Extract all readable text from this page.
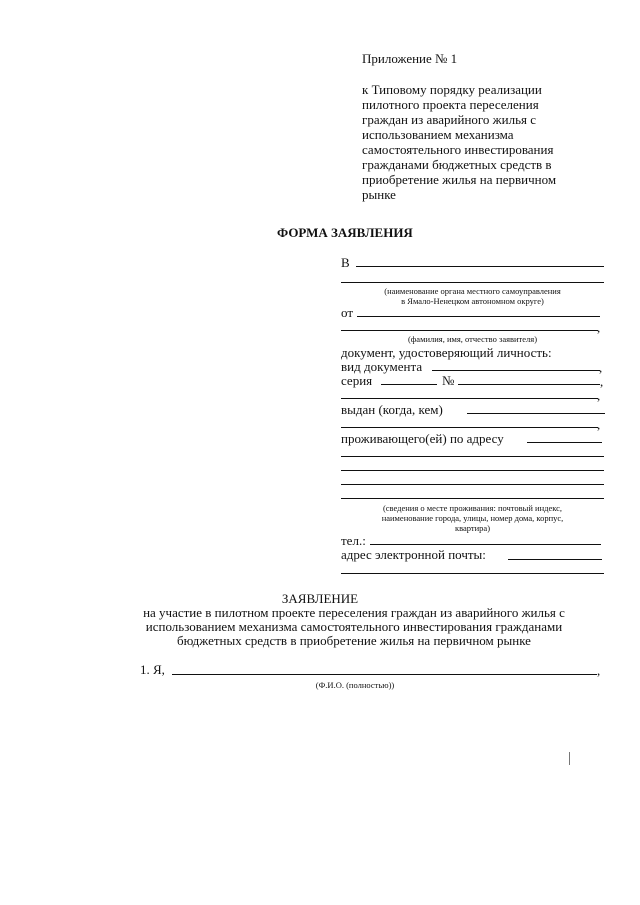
Приложение № 1
к Типовому порядку реализации
пилотного проекта переселения
граждан из аварийного жилья с
использованием механизма
самостоятельного инвестирования
гражданами бюджетных средств в
приобретение жилья на первичном
рынке
ФОРМА ЗАЯВЛЕНИЯ
В
(наименование органа местного самоуправления
в Ямало-Ненецком автономном округе)
от
,
(фамилия, имя, отчество заявителя)
документ, удостоверяющий личность:
вид документа	,
серия	№	,
,
выдан (когда, кем)
,
проживающего(ей) по адресу
(сведения о месте проживания: почтовый индекс,
наименование города, улицы, номер дома, корпус,
квартира)
тел.:
адрес электронной почты:
ЗАЯВЛЕНИЕ
на участие в пилотном проекте переселения граждан из аварийного жилья с
использованием механизма самостоятельного инвестирования гражданами
бюджетных средств в приобретение жилья на первичном рынке
1. Я,	,
(Ф.И.О. (полностью))
